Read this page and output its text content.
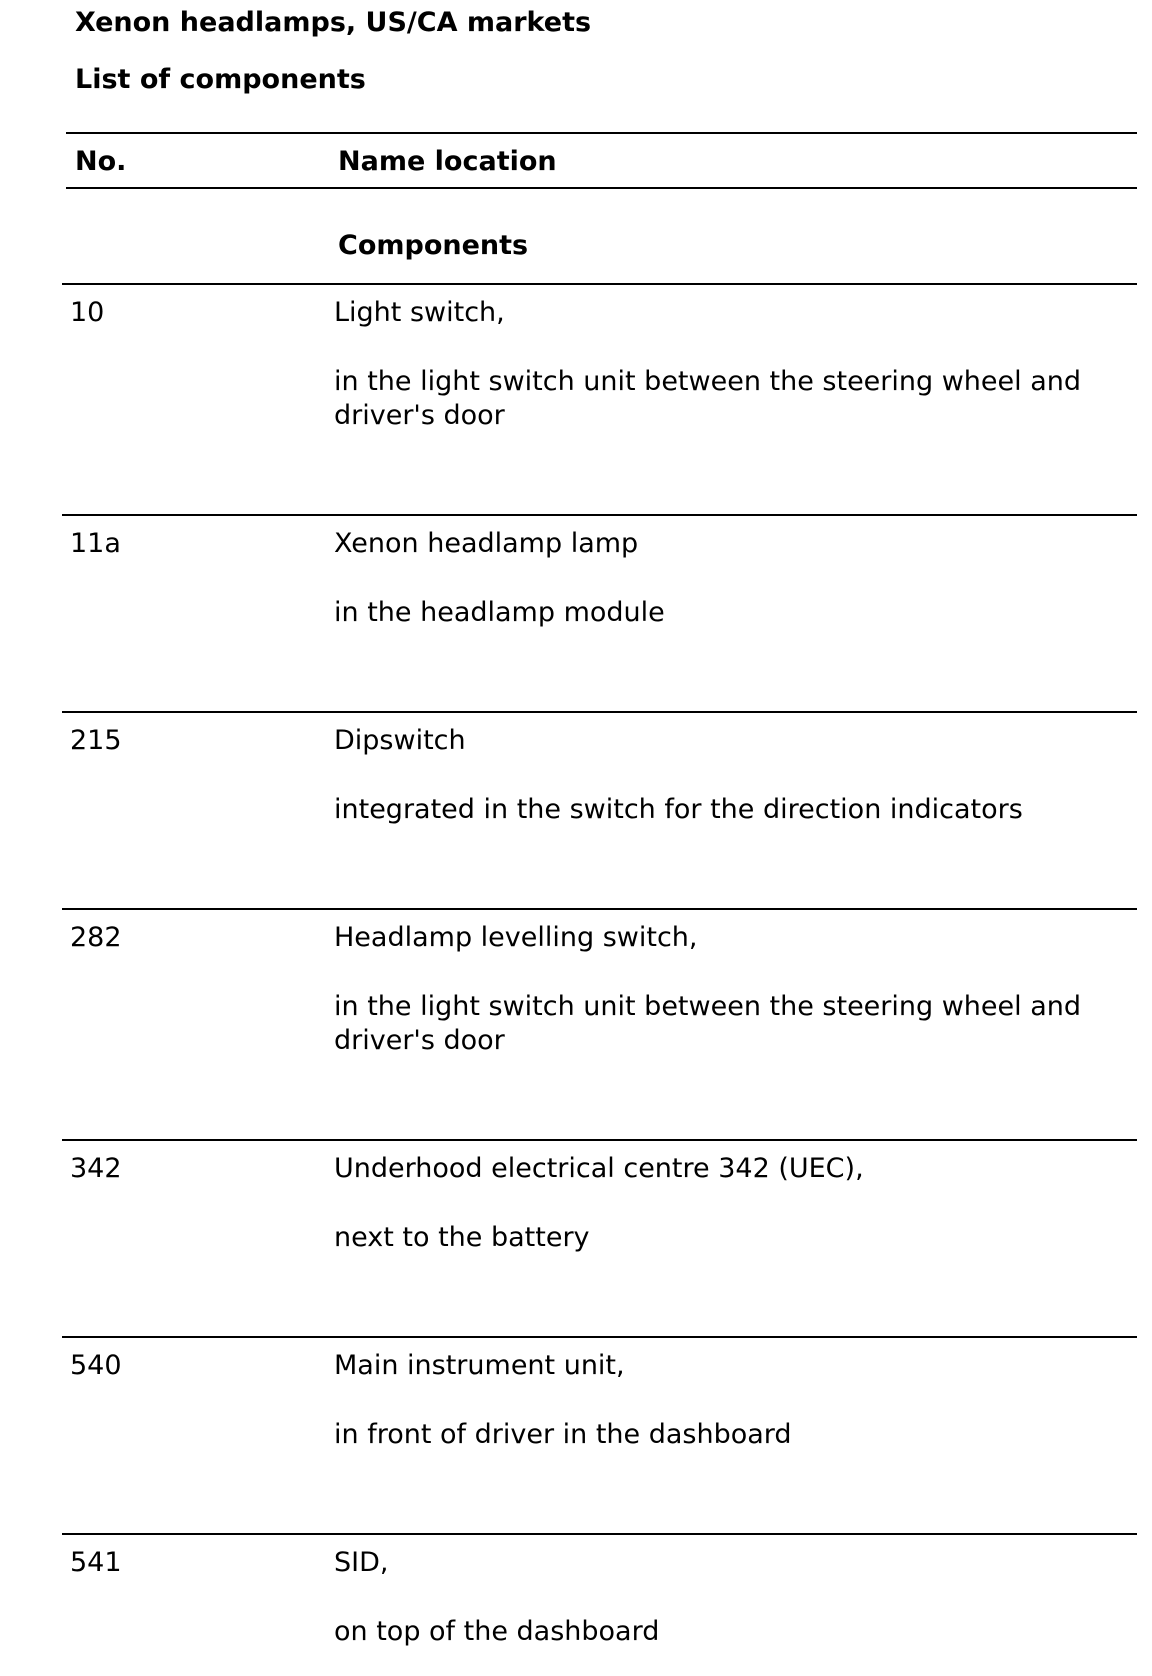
Xenon headlamps, US/CA markets
List of components
No.	Name location
Components
10	Light switch,
in the light switch unit between the steering wheel and driver's door
11a	Xenon headlamp lamp
in the headlamp module
215	Dipswitch
integrated in the switch for the direction indicators
282	Headlamp levelling switch,
in the light switch unit between the steering wheel and driver's door
342	Underhood electrical centre 342 (UEC),
next to the battery
540	Main instrument unit,
in front of driver in the dashboard
541	SID,
on top of the dashboard
